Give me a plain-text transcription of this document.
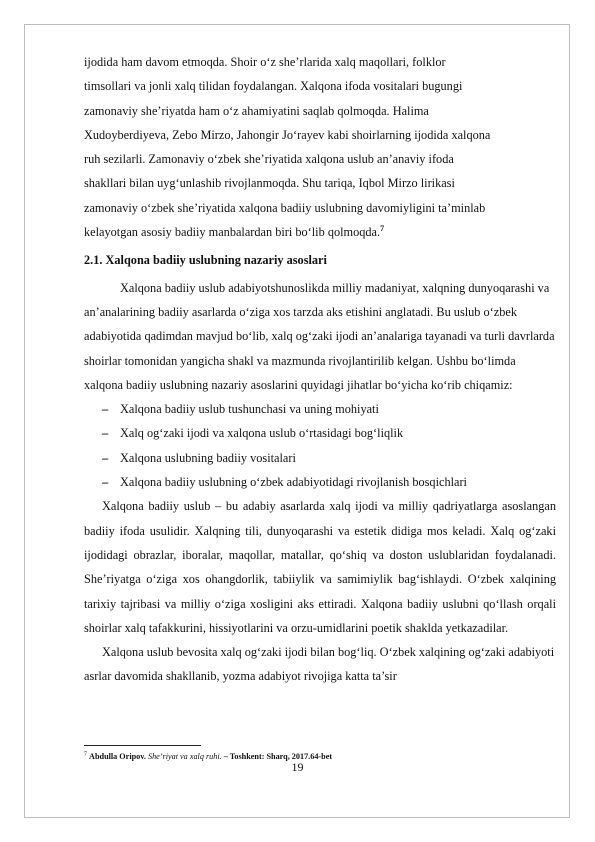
ijodida ham davom etmoqda. Shoir o‘z she’rlarida xalq maqollari, folklor
timsollari va jonli xalq tilidan foydalangan. Xalqona ifoda vositalari bugungi
zamonaviy she’riyatda ham o‘z ahamiyatini saqlab qolmoqda. Halima
Xudoyberdiyeva, Zebo Mirzo, Jahongir Jo‘rayev kabi shoirlarning ijodida xalqona
ruh sezilarli. Zamonaviy o‘zbek she’riyatida xalqona uslub an’anaviy ifoda
shakllari bilan uyg‘unlashib rivojlanmoqda. Shu tariqa, Iqbol Mirzo lirikasi
zamonaviy o‘zbek she’riyatida xalqona badiiy uslubning davomiyligini ta’minlab
kelayotgan asosiy badiiy manbalardan biri bo‘lib qolmoqda.$^7$

2.1. Xalqona badiiy uslubning nazariy asoslari

Xalqona badiiy uslub adabiyotshunoslikda milliy madaniyat, xalqning dunyoqarashi va an’analarining badiiy asarlarda o‘ziga xos tarzda aks etishini anglatadi. Bu uslub o‘zbek adabiyotida qadimdan mavjud bo‘lib, xalq og‘zaki ijodi an’analariga tayanadi va turli davrlarda shoirlar tomonidan yangicha shakl va mazmunda rivojlantirilib kelgan. Ushbu bo‘limda xalqona badiiy uslubning nazariy asoslarini quyidagi jihatlar bo‘yicha ko‘rib chiqamiz:

– Xalqona badiiy uslub tushunchasi va uning mohiyati
– Xalq og‘zaki ijodi va xalqona uslub o‘rtasidagi bog‘liqlik
– Xalqona uslubning badiiy vositalari
– Xalqona badiiy uslubning o‘zbek adabiyotidagi rivojlanish bosqichlari

Xalqona badiiy uslub – bu adabiy asarlarda xalq ijodi va milliy qadriyatlarga asoslangan badiiy ifoda usulidir. Xalqning tili, dunyoqarashi va estetik didiga mos keladi. Xalq og‘zaki ijodidagi obrazlar, iboralar, maqollar, matallar, qo‘shiq va doston uslublaridan foydalanadi. She’riyatga o‘ziga xos ohangdorlik, tabiiylik va samimiylik bag‘ishlaydi. O‘zbek xalqining tarixiy tajribasi va milliy o‘ziga xosligini aks ettiradi. Xalqona badiiy uslubni qo‘llash orqali shoirlar xalq tafakkurini, hissiyotlarini va orzu-umidlarini poetik shaklda yetkazadilar.

Xalqona uslub bevosita xalq og‘zaki ijodi bilan bog‘liq. O‘zbek xalqining og‘zaki adabiyoti asrlar davomida shakllanib, yozma adabiyot rivojiga katta ta’sir

$^7$ Abdulla Oripov. She’riyat va xalq ruhi. – Toshkent: Sharq, 2017.64-bet
19
